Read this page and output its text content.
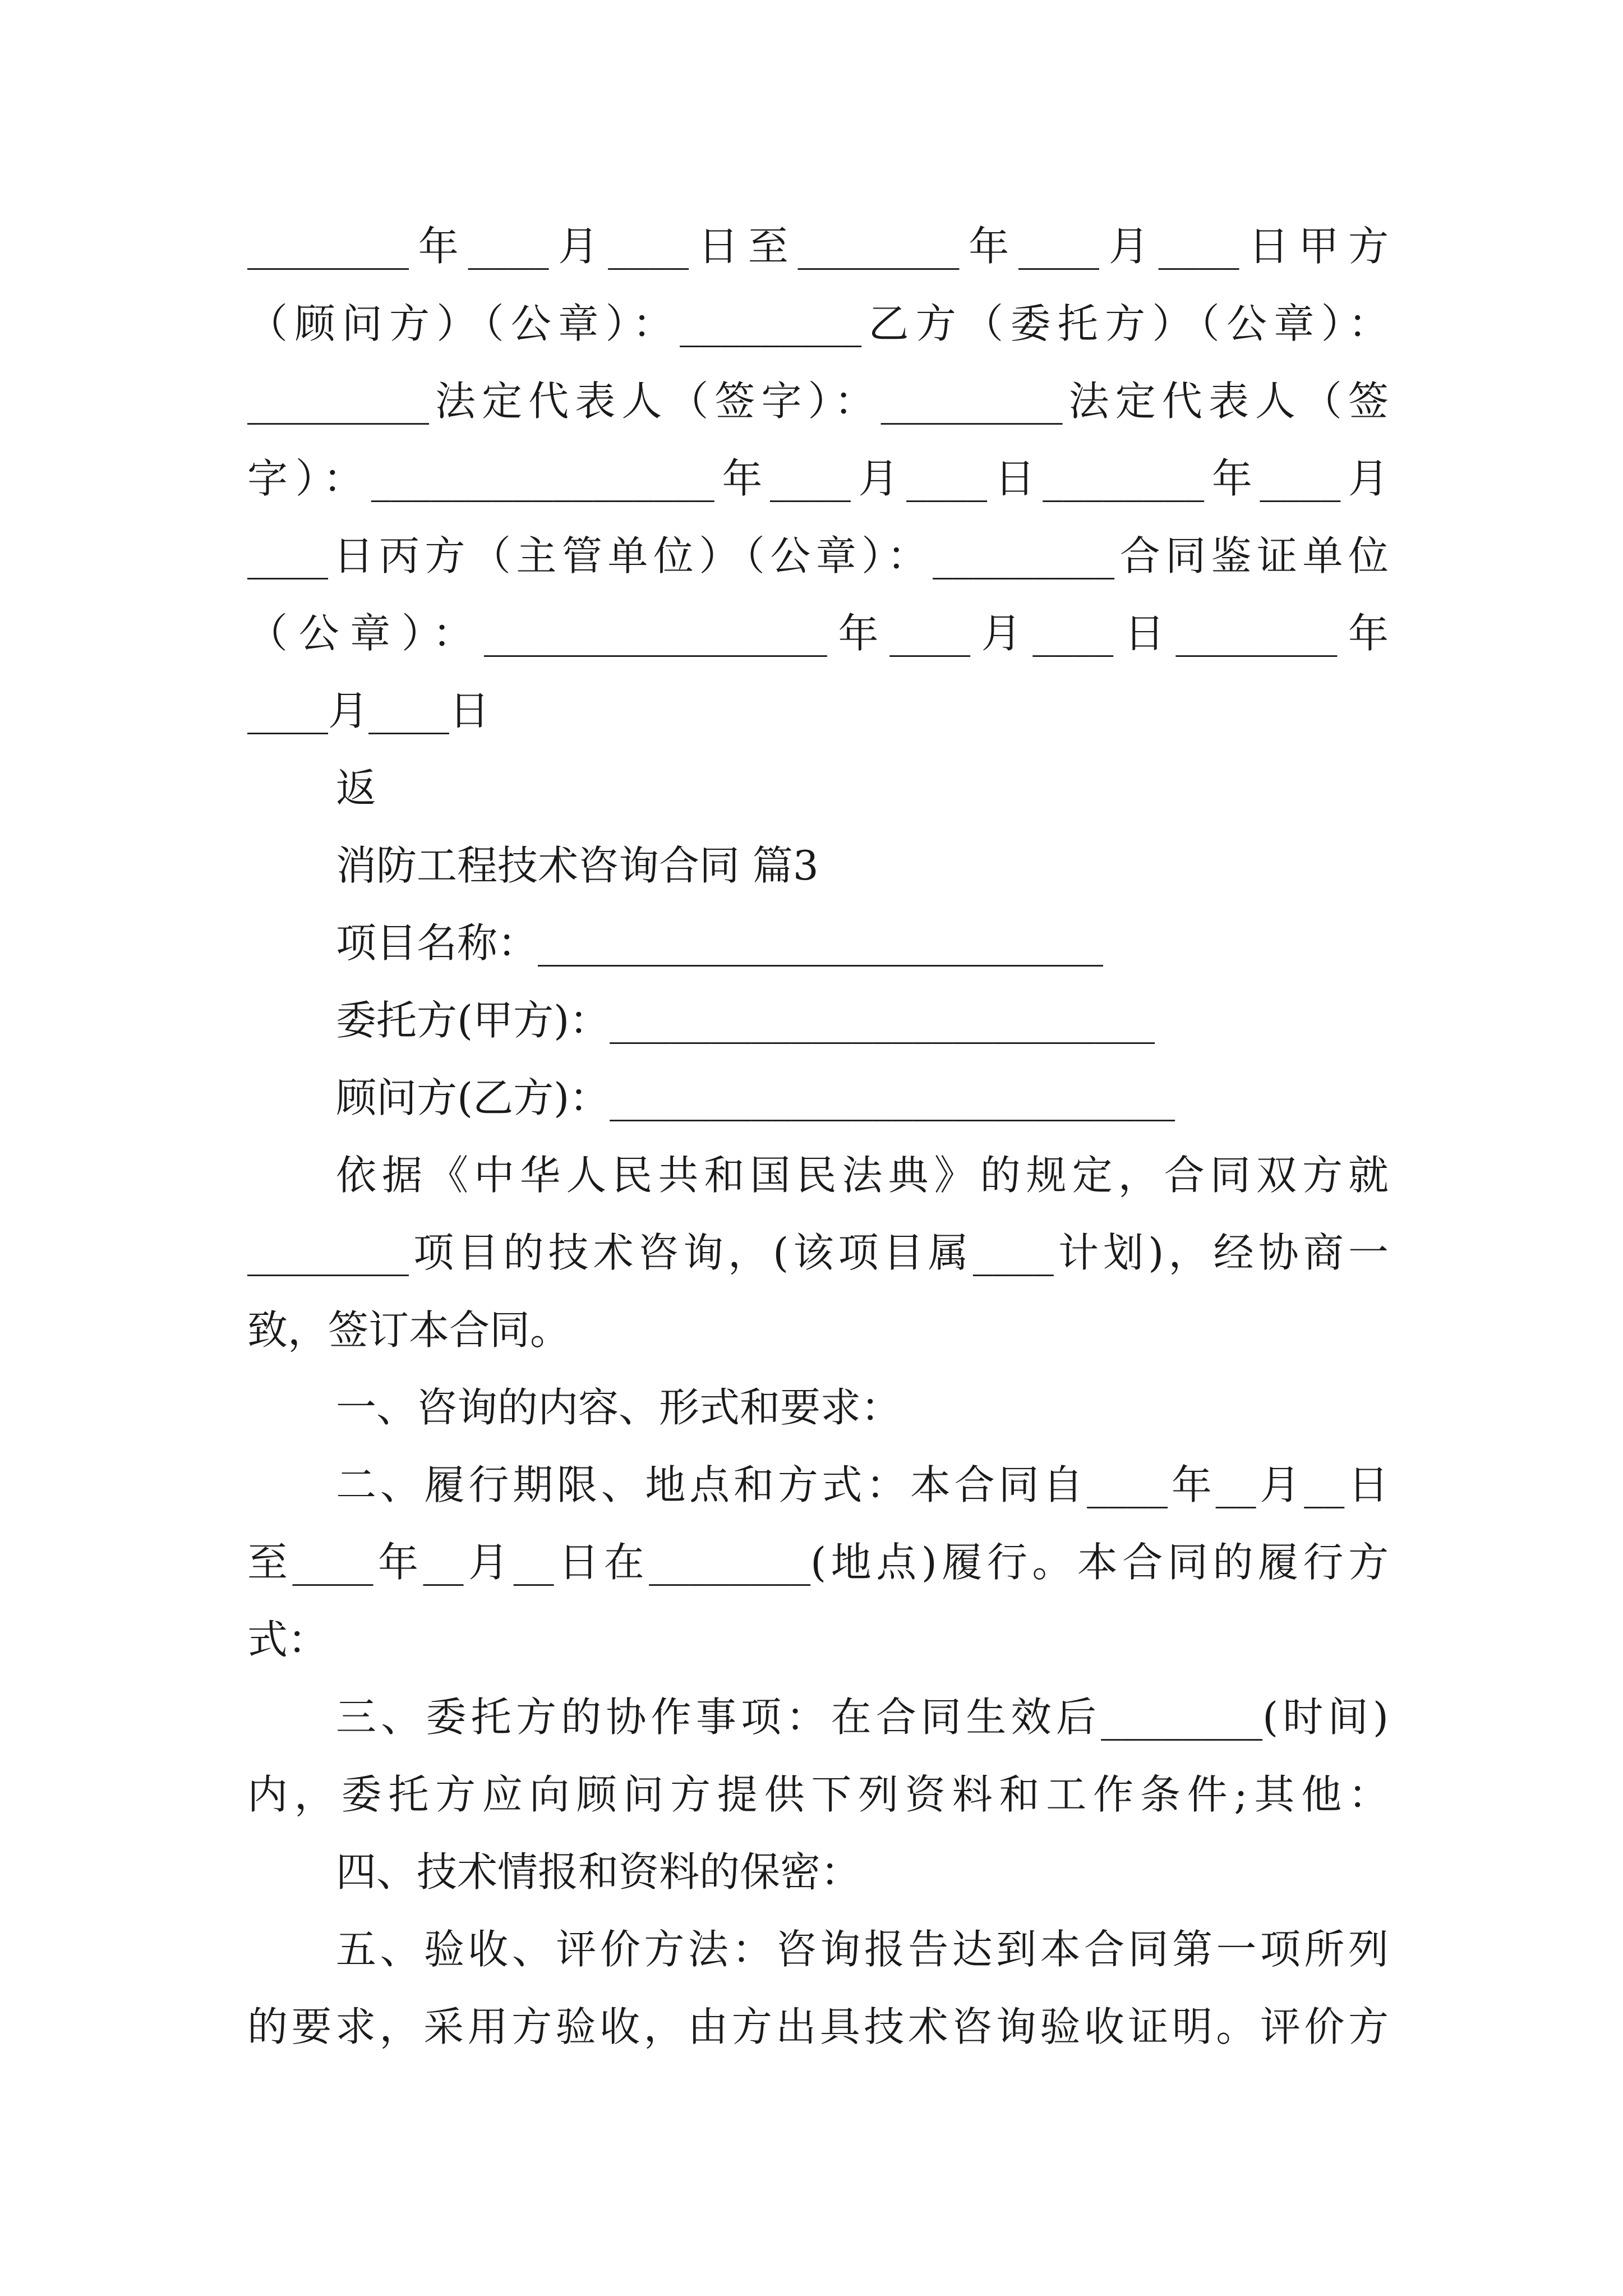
________年____月____日至________年____月____日甲方
（顾问方）（公章）：_________乙方（委托方）（公章）：
_________法定代表人（签字）：_________法定代表人（签
字）：_________________年____月____日________年____月
____日丙方（主管单位）（公章）：_________合同鉴证单位
（公章）：_________________年____月____日________年
____月____日
返
消防工程技术咨询合同 篇3
项目名称：____________________________
委托方(甲方)：___________________________
顾问方(乙方)：____________________________
依据《中华人民共和国民法典》的规定，合同双方就
________项目的技术咨询，(该项目属____计划)，经协商一
致，签订本合同。
一、咨询的内容、形式和要求：
二、履行期限、地点和方式：本合同自____年__月__日
至____年__月__日在________(地点)履行。本合同的履行方
式：
三、委托方的协作事项：在合同生效后________(时间)
内，委托方应向顾问方提供下列资料和工作条件;其他：
四、技术情报和资料的保密：
五、验收、评价方法：咨询报告达到本合同第一项所列
的要求，采用方验收，由方出具技术咨询验收证明。评价方
